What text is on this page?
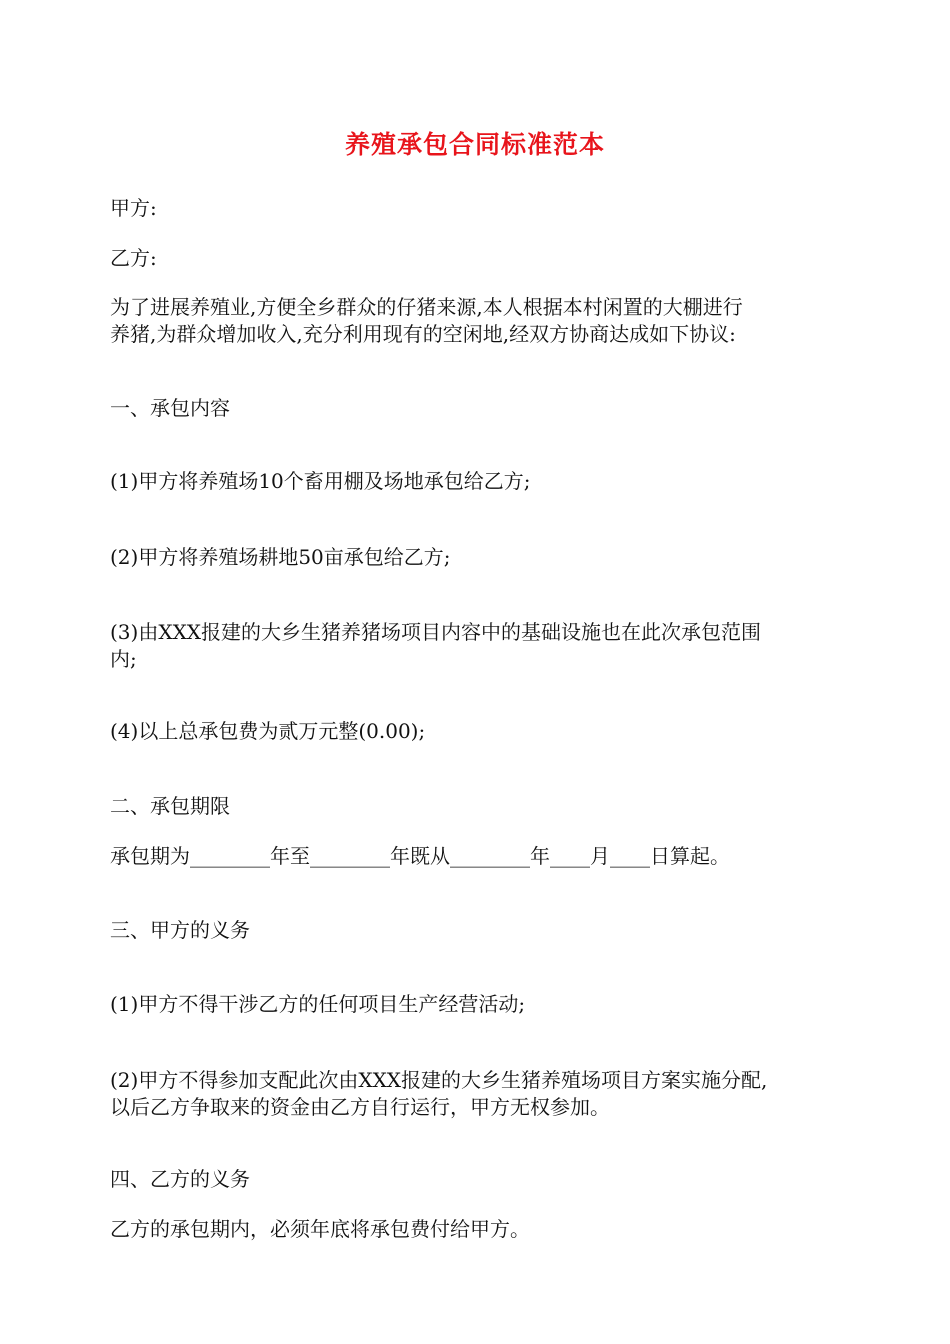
养殖承包合同标准范本
甲方:
乙方:
为了进展养殖业,方便全乡群众的仔猪来源,本人根据本村闲置的大棚进行
养猪,为群众增加收入,充分利用现有的空闲地,经双方协商达成如下协议:
一、承包内容
(1)甲方将养殖场10个畜用棚及场地承包给乙方;
(2)甲方将养殖场耕地50亩承包给乙方;
(3)由XXX报建的大乡生猪养猪场项目内容中的基础设施也在此次承包范围
内;
(4)以上总承包费为贰万元整(0.00);
二、承包期限
承包期为________年至________年既从________年____月____日算起。
三、甲方的义务
(1)甲方不得干涉乙方的任何项目生产经营活动;
(2)甲方不得参加支配此次由XXX报建的大乡生猪养殖场项目方案实施分配,
以后乙方争取来的资金由乙方自行运行，甲方无权参加。
四、乙方的义务
乙方的承包期内，必须年底将承包费付给甲方。
